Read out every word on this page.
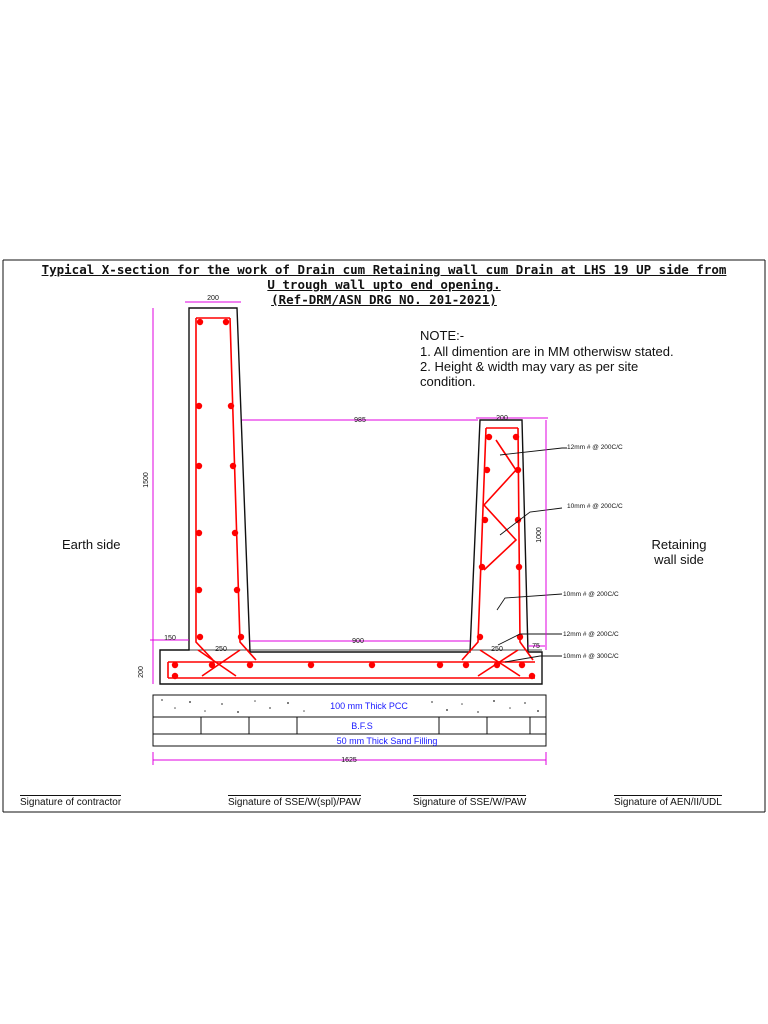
Typical X-section for the work of Drain cum Retaining wall cum Drain at LHS 19 UP side from
U trough wall upto end opening.
(Ref-DRM/ASN DRG NO. 201-2021)
NOTE:-
1. All dimention are in MM otherwisw stated.
2. Height & width may vary as per site
condition.
Earth side	Retaining
wall side
200
1500
985	200
1000
150	900
75
250	250
200
1625
12mm # @ 200C/C
10mm # @ 200C/C
10mm # @ 200C/C
12mm # @ 200C/C
10mm # @ 300C/C
100 mm Thick PCC
B.F.S
50 mm Thick Sand Filling
Signature of contractor	Signature of SSE/W(spl)/PAW	Signature of SSE/W/PAW	Signature of AEN/II/UDL
